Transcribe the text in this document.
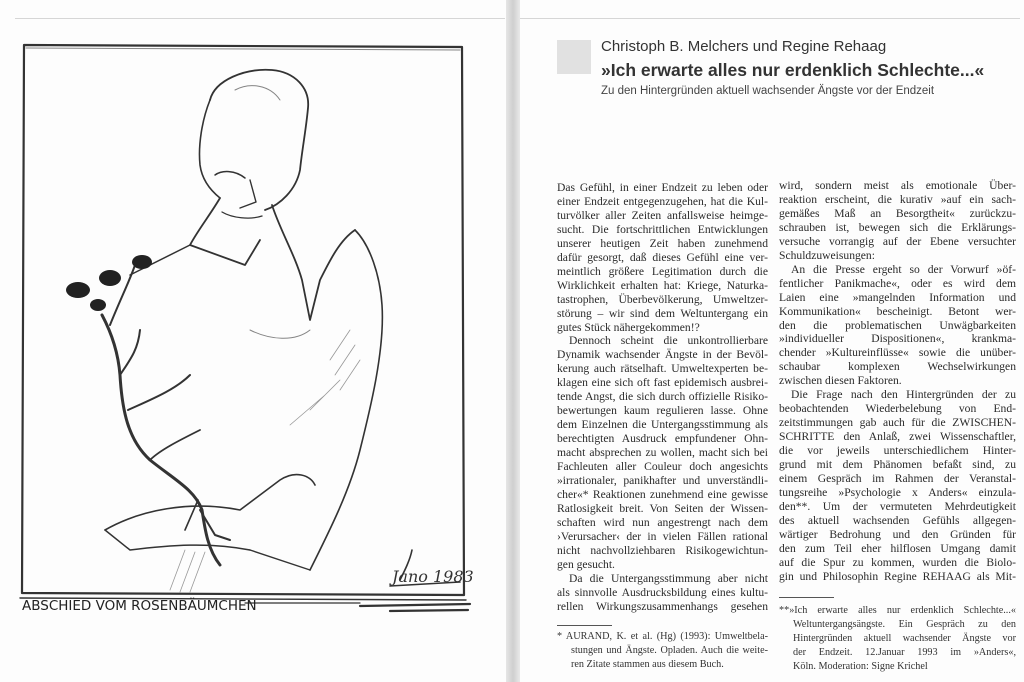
Jano 1983
ABSCHIED VOM ROSENBÄUMCHEN
Christoph B. Melchers und Regine Rehaag
»Ich erwarte alles nur erdenklich Schlechte...«
Zu den Hintergründen aktuell wachsender Ängste vor der Endzeit
Das Gefühl, in einer Endzeit zu leben oder
einer Endzeit entgegenzugehen, hat die Kul-
turvölker aller Zeiten anfallsweise heimge-
sucht. Die fortschrittlichen Entwicklungen
unserer heutigen Zeit haben zunehmend
dafür gesorgt, daß dieses Gefühl eine ver-
meintlich größere Legitimation durch die
Wirklichkeit erhalten hat: Kriege, Naturka-
tastrophen, Überbevölkerung, Umweltzer-
störung – wir sind dem Weltuntergang ein
gutes Stück nähergekommen!?
Dennoch scheint die unkontrollierbare
Dynamik wachsender Ängste in der Bevöl-
kerung auch rätselhaft. Umweltexperten be-
klagen eine sich oft fast epidemisch ausbrei-
tende Angst, die sich durch offizielle Risiko-
bewertungen kaum regulieren lasse. Ohne
dem Einzelnen die Untergangsstimmung als
berechtigten Ausdruck empfundener Ohn-
macht absprechen zu wollen, macht sich bei
Fachleuten aller Couleur doch angesichts
»irrationaler, panikhafter und unverständli-
cher«* Reaktionen zunehmend eine gewisse
Ratlosigkeit breit. Von Seiten der Wissen-
schaften wird nun angestrengt nach dem
›Verursacher‹ der in vielen Fällen rational
nicht nachvollziehbaren Risikogewichtun-
gen gesucht.
Da die Untergangsstimmung aber nicht
als sinnvolle Ausdrucksbildung eines kultu-
rellen Wirkungszusammenhangs gesehen
wird, sondern meist als emotionale Über-
reaktion erscheint, die kurativ »auf ein sach-
gemäßes Maß an Besorgtheit« zurückzu-
schrauben ist, bewegen sich die Erklärungs-
versuche vorrangig auf der Ebene versuchter
Schuldzuweisungen:
An die Presse ergeht so der Vorwurf »öf-
fentlicher Panikmache«, oder es wird dem
Laien eine »mangelnden Information und
Kommunikation« bescheinigt. Betont wer-
den die problematischen Unwägbarkeiten
»individueller Dispositionen«, krankma-
chender »Kultureinflüsse« sowie die unüber-
schaubar komplexen Wechselwirkungen
zwischen diesen Faktoren.
Die Frage nach den Hintergründen der zu
beobachtenden Wiederbelebung von End-
zeitstimmungen gab auch für die ZWISCHEN-
SCHRITTE den Anlaß, zwei Wissenschaftler,
die vor jeweils unterschiedlichem Hinter-
grund mit dem Phänomen befaßt sind, zu
einem Gespräch im Rahmen der Veranstal-
tungsreihe »Psychologie x Anders« einzula-
den**. Um der vermuteten Mehrdeutigkeit
des aktuell wachsenden Gefühls allgegen-
wärtiger Bedrohung und den Gründen für
den zum Teil eher hilflosen Umgang damit
auf die Spur zu kommen, wurden die Biolo-
gin und Philosophin Regine REHAAG als Mit-
* AURAND, K. et al. (Hg) (1993): Umweltbela-
stungen und Ängste. Opladen. Auch die weite-
ren Zitate stammen aus diesem Buch.
**»Ich erwarte alles nur erdenklich Schlechte...«
Weltuntergangsängste. Ein Gespräch zu den
Hintergründen aktuell wachsender Ängste vor
der Endzeit. 12.Januar 1993 im »Anders«,
Köln. Moderation: Signe Krichel
